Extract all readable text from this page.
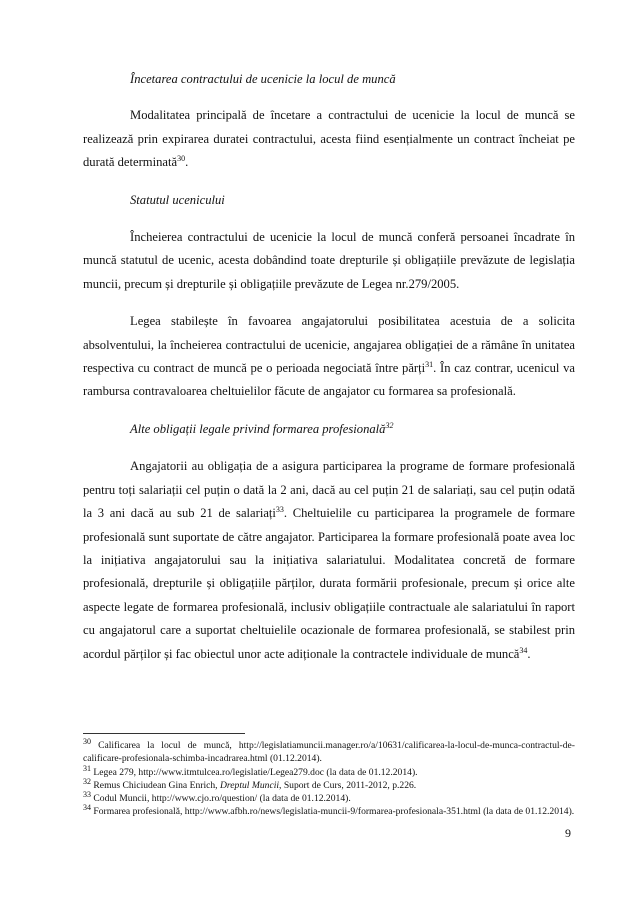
Încetarea contractului de ucenicie la locul de muncă

Modalitatea principală de încetare a contractului de ucenicie la locul de muncă se realizează prin expirarea duratei contractului, acesta fiind esențialmente un contract încheiat pe durată determinată$^{30}$.

Statutul ucenicului

Încheierea contractului de ucenicie la locul de muncă conferă persoanei încadrate în muncă statutul de ucenic, acesta dobândind toate drepturile și obligațiile prevăzute de legislația muncii, precum și drepturile și obligațiile prevăzute de Legea nr.279/2005.

Legea stabilește în favoarea angajatorului posibilitatea acestuia de a solicita absolventului, la încheierea contractului de ucenicie, angajarea obligației de a rămâne în unitatea respectiva cu contract de muncă pe o perioada negociată între părți$^{31}$. În caz contrar, ucenicul va rambursa contravaloarea cheltuielilor făcute de angajator cu formarea sa profesională.

Alte obligații legale privind formarea profesională$^{32}$

Angajatorii au obligația de a asigura participarea la programe de formare profesională pentru toți salariații cel puțin o dată la 2 ani, dacă au cel puțin 21 de salariați, sau cel puțin odată la 3 ani dacă au sub 21 de salariați$^{33}$. Cheltuielile cu participarea la programele de formare profesională sunt suportate de către angajator. Participarea la formare profesională poate avea loc la inițiativa angajatorului sau la inițiativa salariatului. Modalitatea concretă de formare profesională, drepturile și obligațiile părților, durata formării profesionale, precum și orice alte aspecte legate de formarea profesională, inclusiv obligațiile contractuale ale salariatului în raport cu angajatorul care a suportat cheltuielile ocazionale de formarea profesională, se stabilest prin acordul părților și fac obiectul unor acte adiționale la contractele individuale de muncă$^{34}$.

$^{30}$ Calificarea la locul de muncă, http://legislatiamuncii.manager.ro/a/10631/calificarea-la-locul-de-munca-contractul-de-calificare-profesionala-schimba-incadrarea.html (01.12.2014).
$^{31}$ Legea 279, http://www.itmtulcea.ro/legislatie/Legea279.doc (la data de 01.12.2014).
$^{32}$ Remus Chiciudean Gina Enrich, Dreptul Muncii, Suport de Curs, 2011-2012, p.226.
$^{33}$ Codul Muncii, http://www.cjo.ro/question/ (la data de 01.12.2014).
$^{34}$ Formarea profesională, http://www.afbh.ro/news/legislatia-muncii-9/formarea-profesionala-351.html (la data de 01.12.2014).
9
